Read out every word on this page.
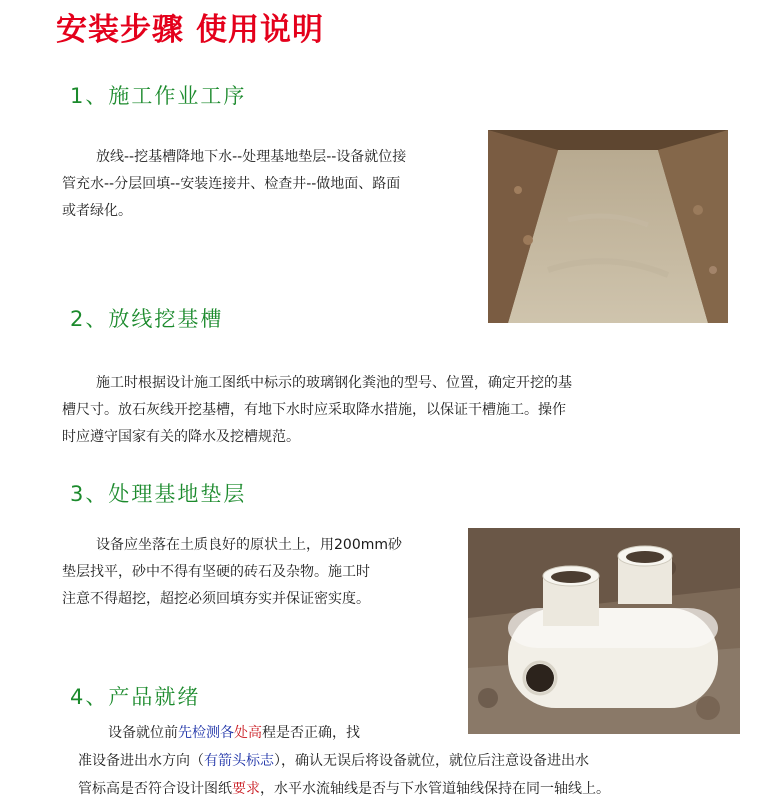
安装步骤 使用说明
1、施工作业工序
放线--挖基槽降地下水--处理基地垫层--设备就位接
管充水--分层回填--安装连接井、检查井--做地面、路面
或者绿化。
2、放线挖基槽
施工时根据设计施工图纸中标示的玻璃钢化粪池的型号、位置，确定开挖的基
槽尺寸。放石灰线开挖基槽，有地下水时应采取降水措施，以保证干槽施工。操作
时应遵守国家有关的降水及挖槽规范。
3、处理基地垫层
设备应坐落在土质良好的原状土上，用200mm砂
垫层找平，砂中不得有坚硬的砖石及杂物。施工时
注意不得超挖，超挖必须回填夯实并保证密实度。
4、产品就绪
设备就位前先检测各处高程是否正确，找
准设备进出水方向（有箭头标志），确认无误后将设备就位，就位后注意设备进出水
管标高是否符合设计图纸要求，水平水流轴线是否与下水管道轴线保持在同一轴线上。
